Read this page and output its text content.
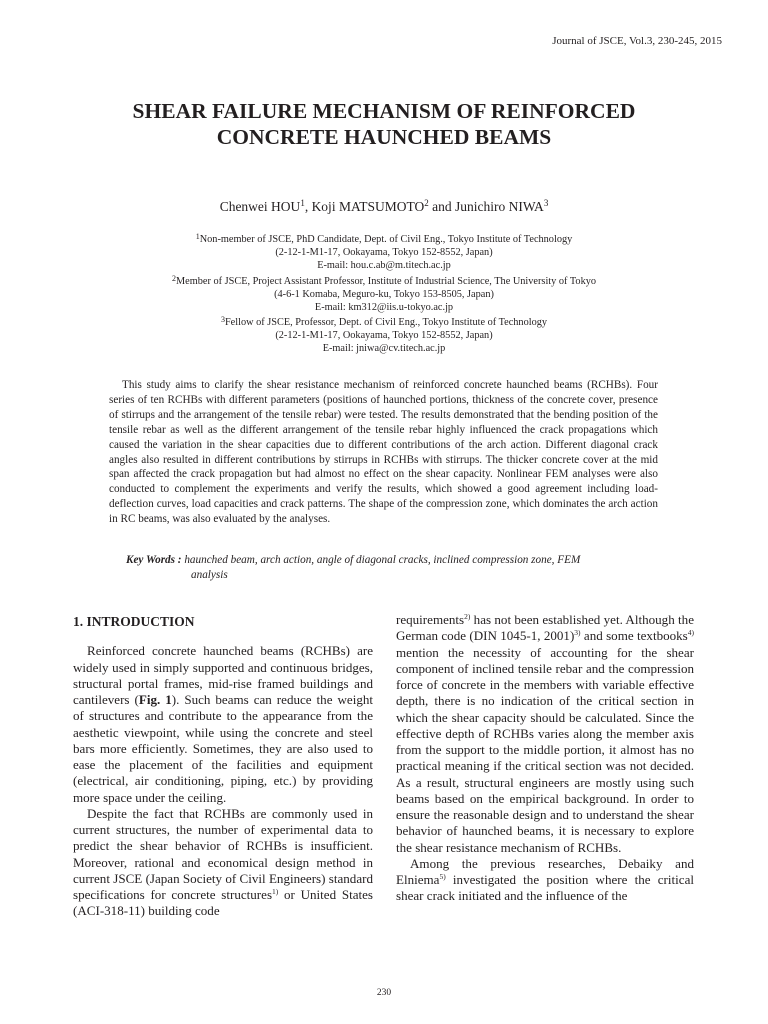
Journal of JSCE, Vol.3, 230-245, 2015
SHEAR FAILURE MECHANISM OF REINFORCED
CONCRETE HAUNCHED BEAMS
Chenwei HOU$^1$, Koji MATSUMOTO$^2$ and Junichiro NIWA$^3$
$^1$Non-member of JSCE, PhD Candidate, Dept. of Civil Eng., Tokyo Institute of Technology
(2-12-1-M1-17, Ookayama, Tokyo 152-8552, Japan)
E-mail: hou.c.ab@m.titech.ac.jp
$^2$Member of JSCE, Project Assistant Professor, Institute of Industrial Science, The University of Tokyo
(4-6-1 Komaba, Meguro-ku, Tokyo 153-8505, Japan)
E-mail: km312@iis.u-tokyo.ac.jp
$^3$Fellow of JSCE, Professor, Dept. of Civil Eng., Tokyo Institute of Technology
(2-12-1-M1-17, Ookayama, Tokyo 152-8552, Japan)
E-mail: jniwa@cv.titech.ac.jp

This study aims to clarify the shear resistance mechanism of reinforced concrete haunched beams (RCHBs). Four series of ten RCHBs with different parameters (positions of haunched portions, thickness of the concrete cover, presence of stirrups and the arrangement of the tensile rebar) were tested. The results demonstrated that the bending position of the tensile rebar as well as the different arrangement of the tensile rebar highly influenced the crack propagations which caused the variation in the shear capacities due to different contributions of the arch action. Different diagonal crack angles also resulted in different contributions by stirrups in RCHBs with stirrups. The thicker concrete cover at the mid span affected the crack propagation but had almost no effect on the shear capacity. Nonlinear FEM analyses were also conducted to complement the experiments and verify the results, which showed a good agreement including load-deflection curves, load capacities and crack patterns. The shape of the compression zone, which dominates the arch action in RC beams, was also evaluated by the analyses.

Key Words : haunched beam, arch action, angle of diagonal cracks, inclined compression zone, FEM
analysis

1. INTRODUCTION

Reinforced concrete haunched beams (RCHBs) are widely used in simply supported and continuous bridges, structural portal frames, mid-rise framed buildings and cantilevers (Fig. 1). Such beams can reduce the weight of structures and contribute to the appearance from the aesthetic viewpoint, while using the concrete and steel bars more efficiently. Sometimes, they are also used to ease the placement of the facilities and equipment (electrical, air conditioning, piping, etc.) by providing more space under the ceiling.

Despite the fact that RCHBs are commonly used in current structures, the number of experimental data to predict the shear behavior of RCHBs is insufficient. Moreover, rational and economical design method in current JSCE (Japan Society of Civil Engineers) standard specifications for concrete structures$^{1)}$ or United States (ACI-318-11) building code

requirements$^{2)}$ has not been established yet. Although the German code (DIN 1045-1, 2001)$^{3)}$ and some textbooks$^{4)}$ mention the necessity of accounting for the shear component of inclined tensile rebar and the compression force of concrete in the members with variable effective depth, there is no indication of the critical section in which the shear capacity should be calculated. Since the effective depth of RCHBs varies along the member axis from the support to the middle portion, it almost has no practical meaning if the critical section was not decided. As a result, structural engineers are mostly using such beams based on the empirical background. In order to ensure the reasonable design and to understand the shear behavior of haunched beams, it is necessary to explore the shear resistance mechanism of RCHBs.

Among the previous researches, Debaiky and Elniema$^{5)}$ investigated the position where the critical shear crack initiated and the influence of the

230
